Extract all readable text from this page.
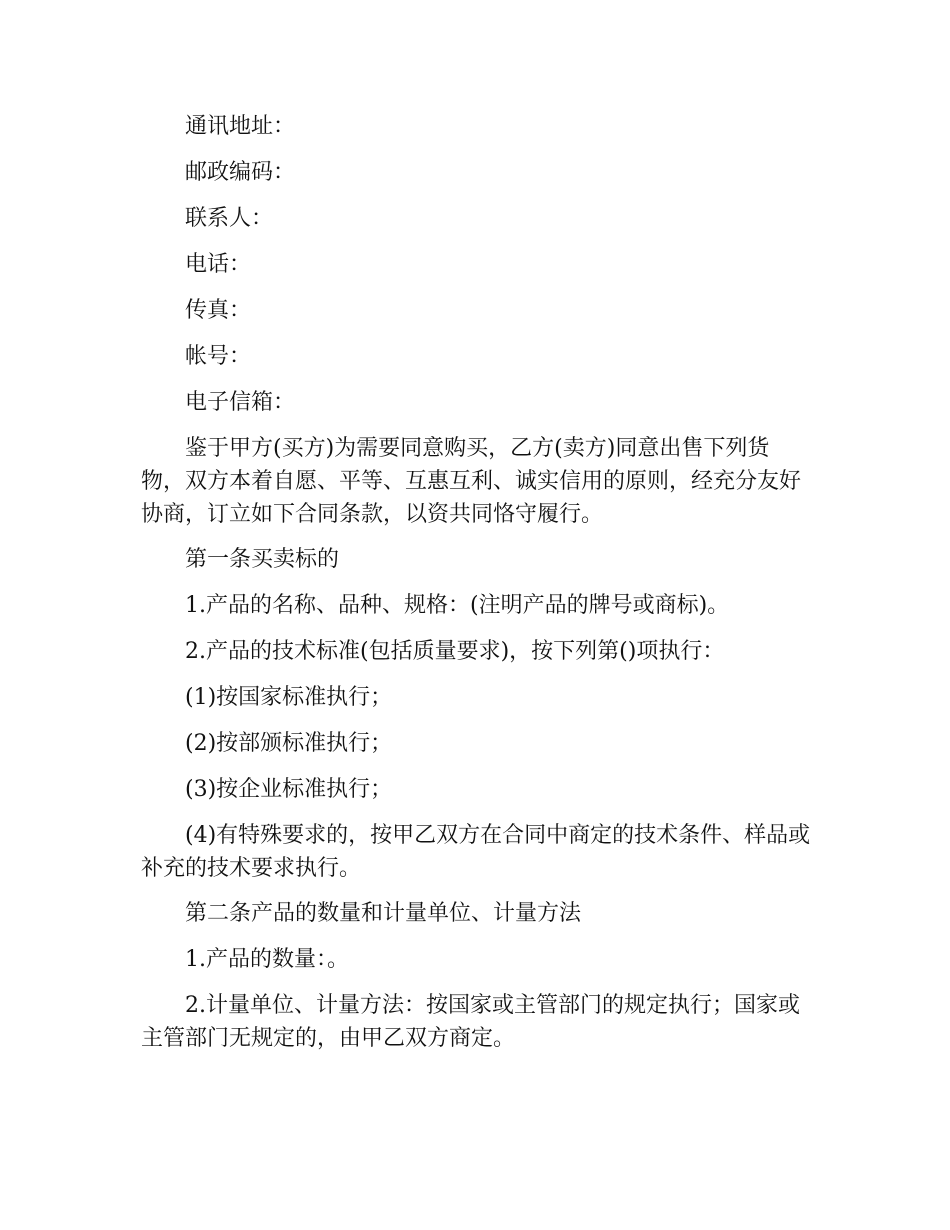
通讯地址：

邮政编码：

联系人：

电话：

传真：

帐号：

电子信箱：

鉴于甲方(买方)为需要同意购买，乙方(卖方)同意出售下列货物，双方本着自愿、平等、互惠互利、诚实信用的原则，经充分友好协商，订立如下合同条款，以资共同恪守履行。

第一条买卖标的

1.产品的名称、品种、规格：(注明产品的牌号或商标)。

2.产品的技术标准(包括质量要求)，按下列第()项执行：

(1)按国家标准执行；

(2)按部颁标准执行；

(3)按企业标准执行；

(4)有特殊要求的，按甲乙双方在合同中商定的技术条件、样品或补充的技术要求执行。

第二条产品的数量和计量单位、计量方法

1.产品的数量：。

2.计量单位、计量方法：按国家或主管部门的规定执行；国家或主管部门无规定的，由甲乙双方商定。
